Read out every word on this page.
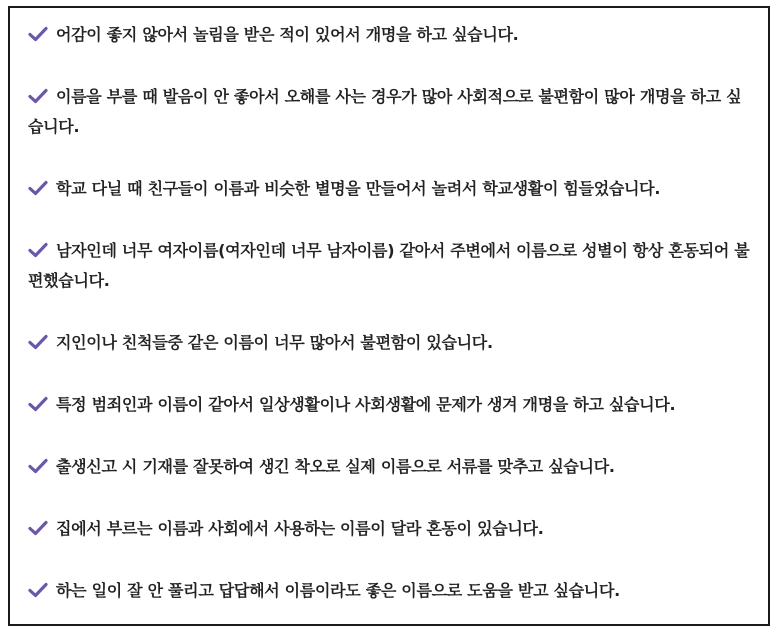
어감이 좋지 않아서 놀림을 받은 적이 있어서 개명을 하고 싶습니다.
이름을 부를 때 발음이 안 좋아서 오해를 사는 경우가 많아 사회적으로 불편함이 많아 개명을 하고 싶습니다.
학교 다닐 때 친구들이 이름과 비슷한 별명을 만들어서 놀려서 학교생활이 힘들었습니다.
남자인데 너무 여자이름(여자인데 너무 남자이름) 같아서 주변에서 이름으로 성별이 항상 혼동되어 불편했습니다.
지인이나 친척들중 같은 이름이 너무 많아서 불편함이 있습니다.
특정 범죄인과 이름이 같아서 일상생활이나 사회생활에 문제가 생겨 개명을 하고 싶습니다.
출생신고 시 기재를 잘못하여 생긴 착오로 실제 이름으로 서류를 맞추고 싶습니다.
집에서 부르는 이름과 사회에서 사용하는 이름이 달라 혼동이 있습니다.
하는 일이 잘 안 풀리고 답답해서 이름이라도 좋은 이름으로 도움을 받고 싶습니다.
